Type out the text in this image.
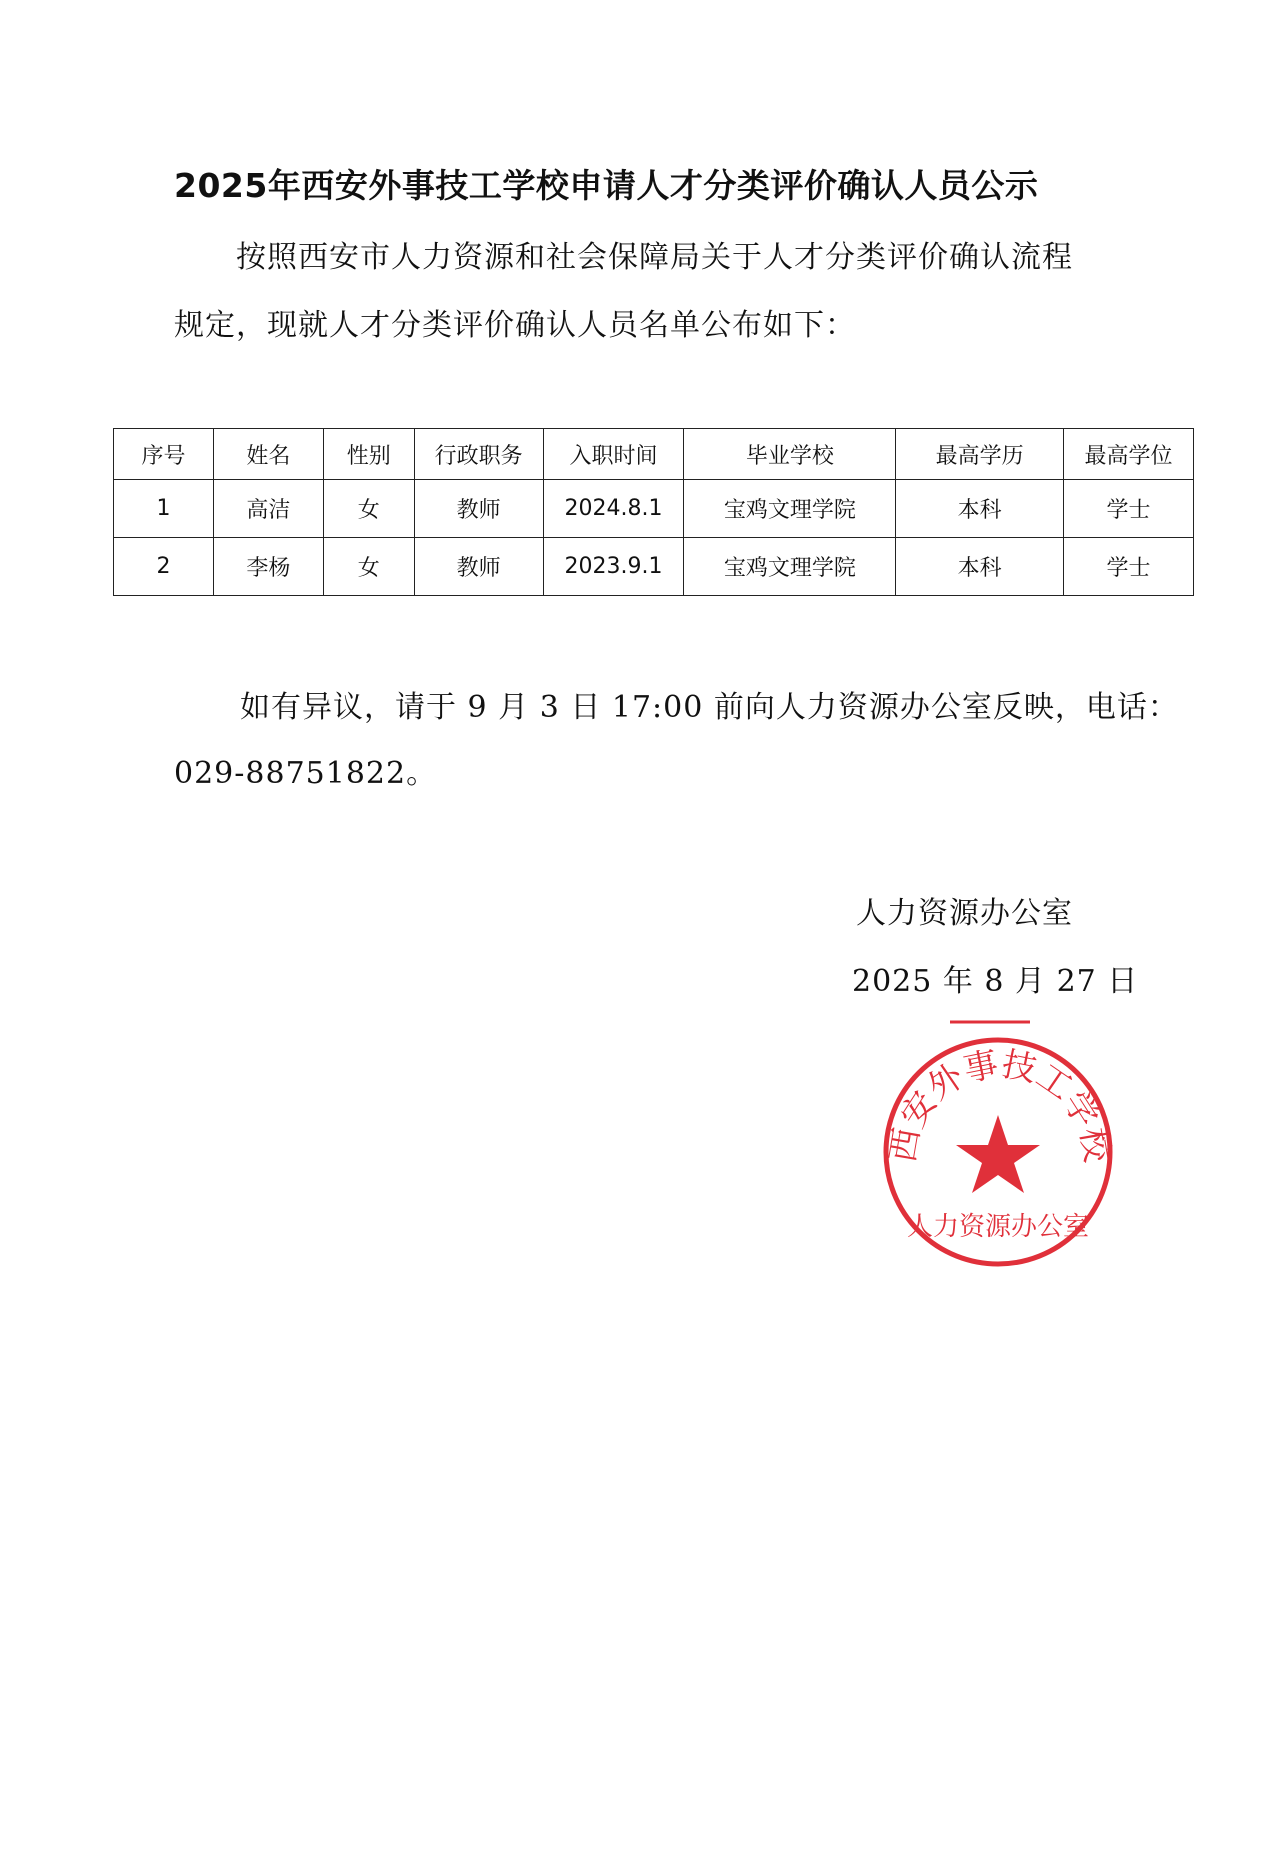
2025年西安外事技工学校申请人才分类评价确认人员公示
按照西安市人力资源和社会保障局关于人才分类评价确认流程
规定，现就人才分类评价确认人员名单公布如下：
序号	姓名	性别	行政职务	入职时间	毕业学校	最高学历	最高学位
1	高洁	女	教师	2024.8.1	宝鸡文理学院	本科	学士
2	李杨	女	教师	2023.9.1	宝鸡文理学院	本科	学士
如有异议，请于 9 月 3 日 17:00 前向人力资源办公室反映，电话：
029-88751822。
人力资源办公室
2025 年 8 月 27 日
西安外事技工学校
人力资源办公室
